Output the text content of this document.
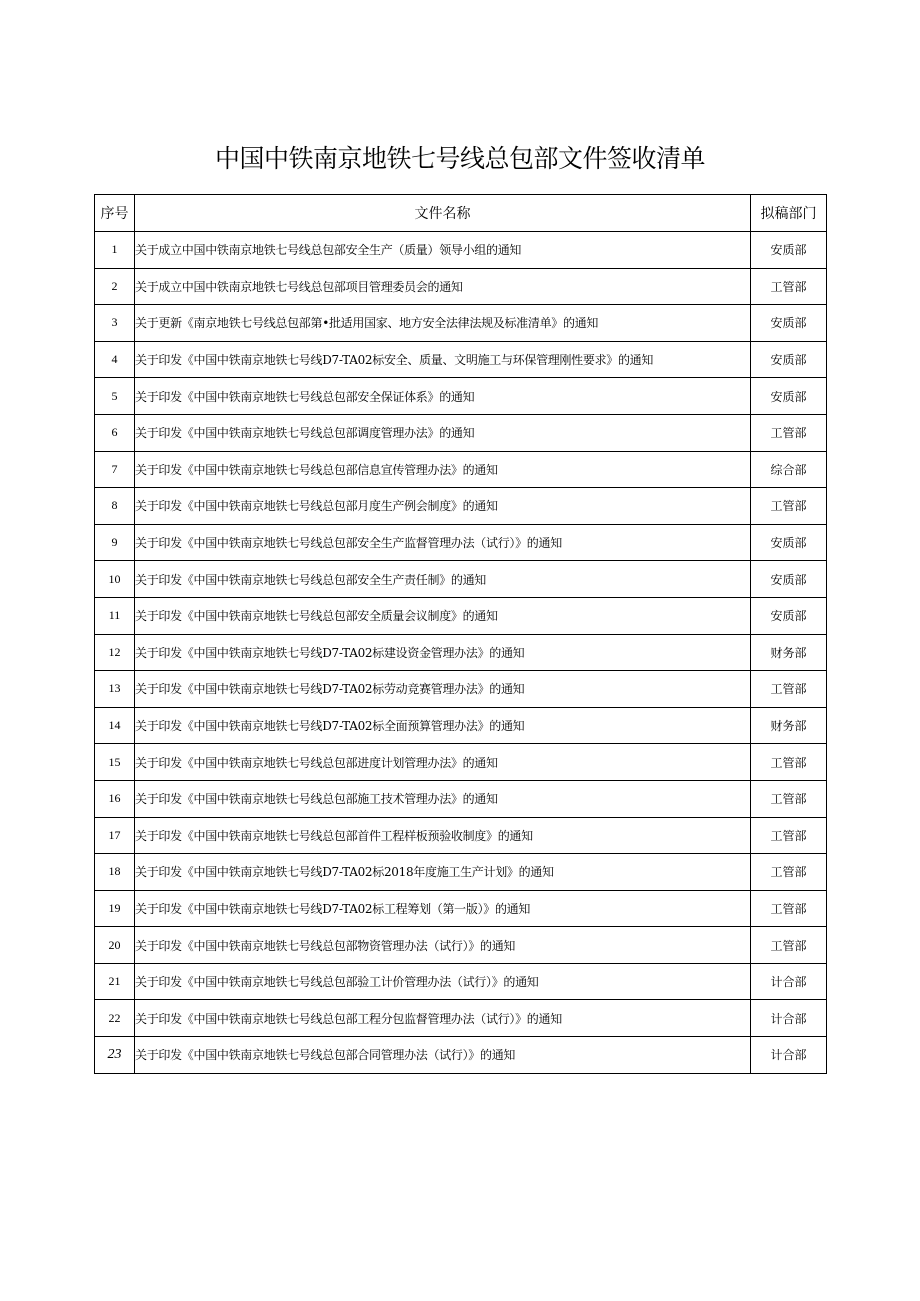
中国中铁南京地铁七号线总包部文件签收清单
序号	文件名称	拟稿部门
1	关于成立中国中铁南京地铁七号线总包部安全生产（质量）领导小组的通知	安质部
2	关于成立中国中铁南京地铁七号线总包部项目管理委员会的通知	工管部
3	关于更新《南京地铁七号线总包部第•批适用国家、地方安全法律法规及标准清单》的通知	安质部
4	关于印发《中国中铁南京地铁七号线D7-TA02标安全、质量、文明施工与环保管理刚性要求》的通知	安质部
5	关于印发《中国中铁南京地铁七号线总包部安全保证体系》的通知	安质部
6	关于印发《中国中铁南京地铁七号线总包部调度管理办法》的通知	工管部
7	关于印发《中国中铁南京地铁七号线总包部信息宣传管理办法》的通知	综合部
8	关于印发《中国中铁南京地铁七号线总包部月度生产例会制度》的通知	工管部
9	关于印发《中国中铁南京地铁七号线总包部安全生产监督管理办法（试行）》的通知	安质部
10	关于印发《中国中铁南京地铁七号线总包部安全生产责任制》的通知	安质部
11	关于印发《中国中铁南京地铁七号线总包部安全质量会议制度》的通知	安质部
12	关于印发《中国中铁南京地铁七号线D7-TA02标建设资金管理办法》的通知	财务部
13	关于印发《中国中铁南京地铁七号线D7-TA02标劳动竞赛管理办法》的通知	工管部
14	关于印发《中国中铁南京地铁七号线D7-TA02标全面预算管理办法》的通知	财务部
15	关于印发《中国中铁南京地铁七号线总包部进度计划管理办法》的通知	工管部
16	关于印发《中国中铁南京地铁七号线总包部施工技术管理办法》的通知	工管部
17	关于印发《中国中铁南京地铁七号线总包部首件工程样板预验收制度》的通知	工管部
18	关于印发《中国中铁南京地铁七号线D7-TA02标2018年度施工生产计划》的通知	工管部
19	关于印发《中国中铁南京地铁七号线D7-TA02标工程筹划（第一版）》的通知	工管部
20	关于印发《中国中铁南京地铁七号线总包部物资管理办法（试行）》的通知	工管部
21	关于印发《中国中铁南京地铁七号线总包部验工计价管理办法（试行）》的通知	计合部
22	关于印发《中国中铁南京地铁七号线总包部工程分包监督管理办法（试行）》的通知	计合部
23	关于印发《中国中铁南京地铁七号线总包部合同管理办法（试行）》的通知	计合部
